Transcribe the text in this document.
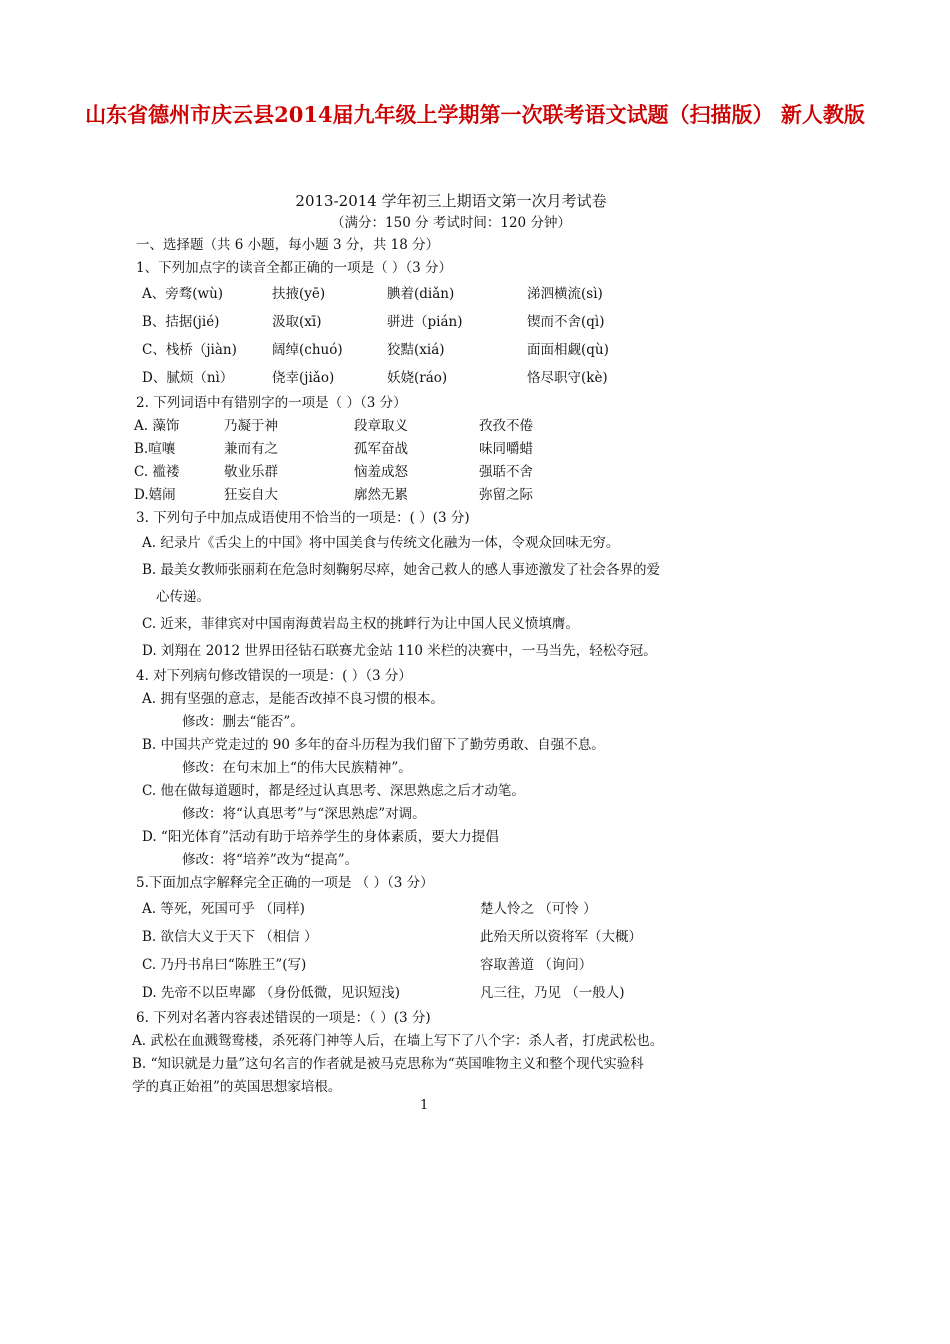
山东省德州市庆云县2014届九年级上学期第一次联考语文试题（扫描版） 新人教版
2013-2014 学年初三上期语文第一次月考试卷
（满分：150 分 考试时间：120 分钟）
一、选择题（共 6 小题，每小题 3 分，共 18 分）
1、下列加点字的读音全都正确的一项是（ ）（3 分）
A、旁骛(wù)	扶掖(yē)	腆着(diǎn)	涕泗横流(sì)
B、拮据(jié)	汲取(xī)	骈进（pián)	锲而不舍(qì)
C、栈桥（jiàn)	阔绰(chuó)	狡黠(xiá)	面面相觑(qù)
D、腻烦（nì）	侥幸(jiǎo)	妖娆(ráo)	恪尽职守(kè)
2. 下列词语中有错别字的一项是（ ）（3 分）
A. 藻饰	乃凝于神	段章取义	孜孜不倦
B.喧嚷	兼而有之	孤军奋战	味同嚼蜡
C. 褴褛	敬业乐群	恼羞成怒	强聒不舍
D.嬉闹	狂妄自大	廓然无累	弥留之际
3. 下列句子中加点成语使用不恰当的一项是：( ）(3 分)
A. 纪录片《舌尖上的中国》将中国美食与传统文化融为一体，令观众回味无穷。
B. 最美女教师张丽莉在危急时刻鞠躬尽瘁，她舍己救人的感人事迹激发了社会各界的爱
心传递。
C. 近来，菲律宾对中国南海黄岩岛主权的挑衅行为让中国人民义愤填膺。
D. 刘翔在 2012 世界田径钻石联赛尤金站 110 米栏的决赛中，一马当先，轻松夺冠。
4. 对下列病句修改错误的一项是：( ）（3 分）
A. 拥有坚强的意志，是能否改掉不良习惯的根本。
修改：删去“能否”。
B. 中国共产党走过的 90 多年的奋斗历程为我们留下了勤劳勇敢、自强不息。
修改：在句末加上“的伟大民族精神”。
C. 他在做每道题时，都是经过认真思考、深思熟虑之后才动笔。
修改：将“认真思考”与“深思熟虑”对调。
D. “阳光体育”活动有助于培养学生的身体素质，要大力提倡
修改：将“培养”改为“提高”。
5.下面加点字解释完全正确的一项是 （ ）（3 分）
A. 等死，死国可乎 （同样)	楚人怜之 （可怜 ）
B. 欲信大义于天下 （相信 ）	此殆天所以资将军（大概）
C. 乃丹书帛曰“陈胜王”(写)	容取善道 （询问）
D. 先帝不以臣卑鄙 （身份低微，见识短浅)	凡三往，乃见 （一般人)
6. 下列对名著内容表述错误的一项是：（ ）(3 分)
A. 武松在血溅鸳鸯楼，杀死蒋门神等人后，在墙上写下了八个字：杀人者，打虎武松也。
B. “知识就是力量”这句名言的作者就是被马克思称为“英国唯物主义和整个现代实验科
学的真正始祖”的英国思想家培根。
1
